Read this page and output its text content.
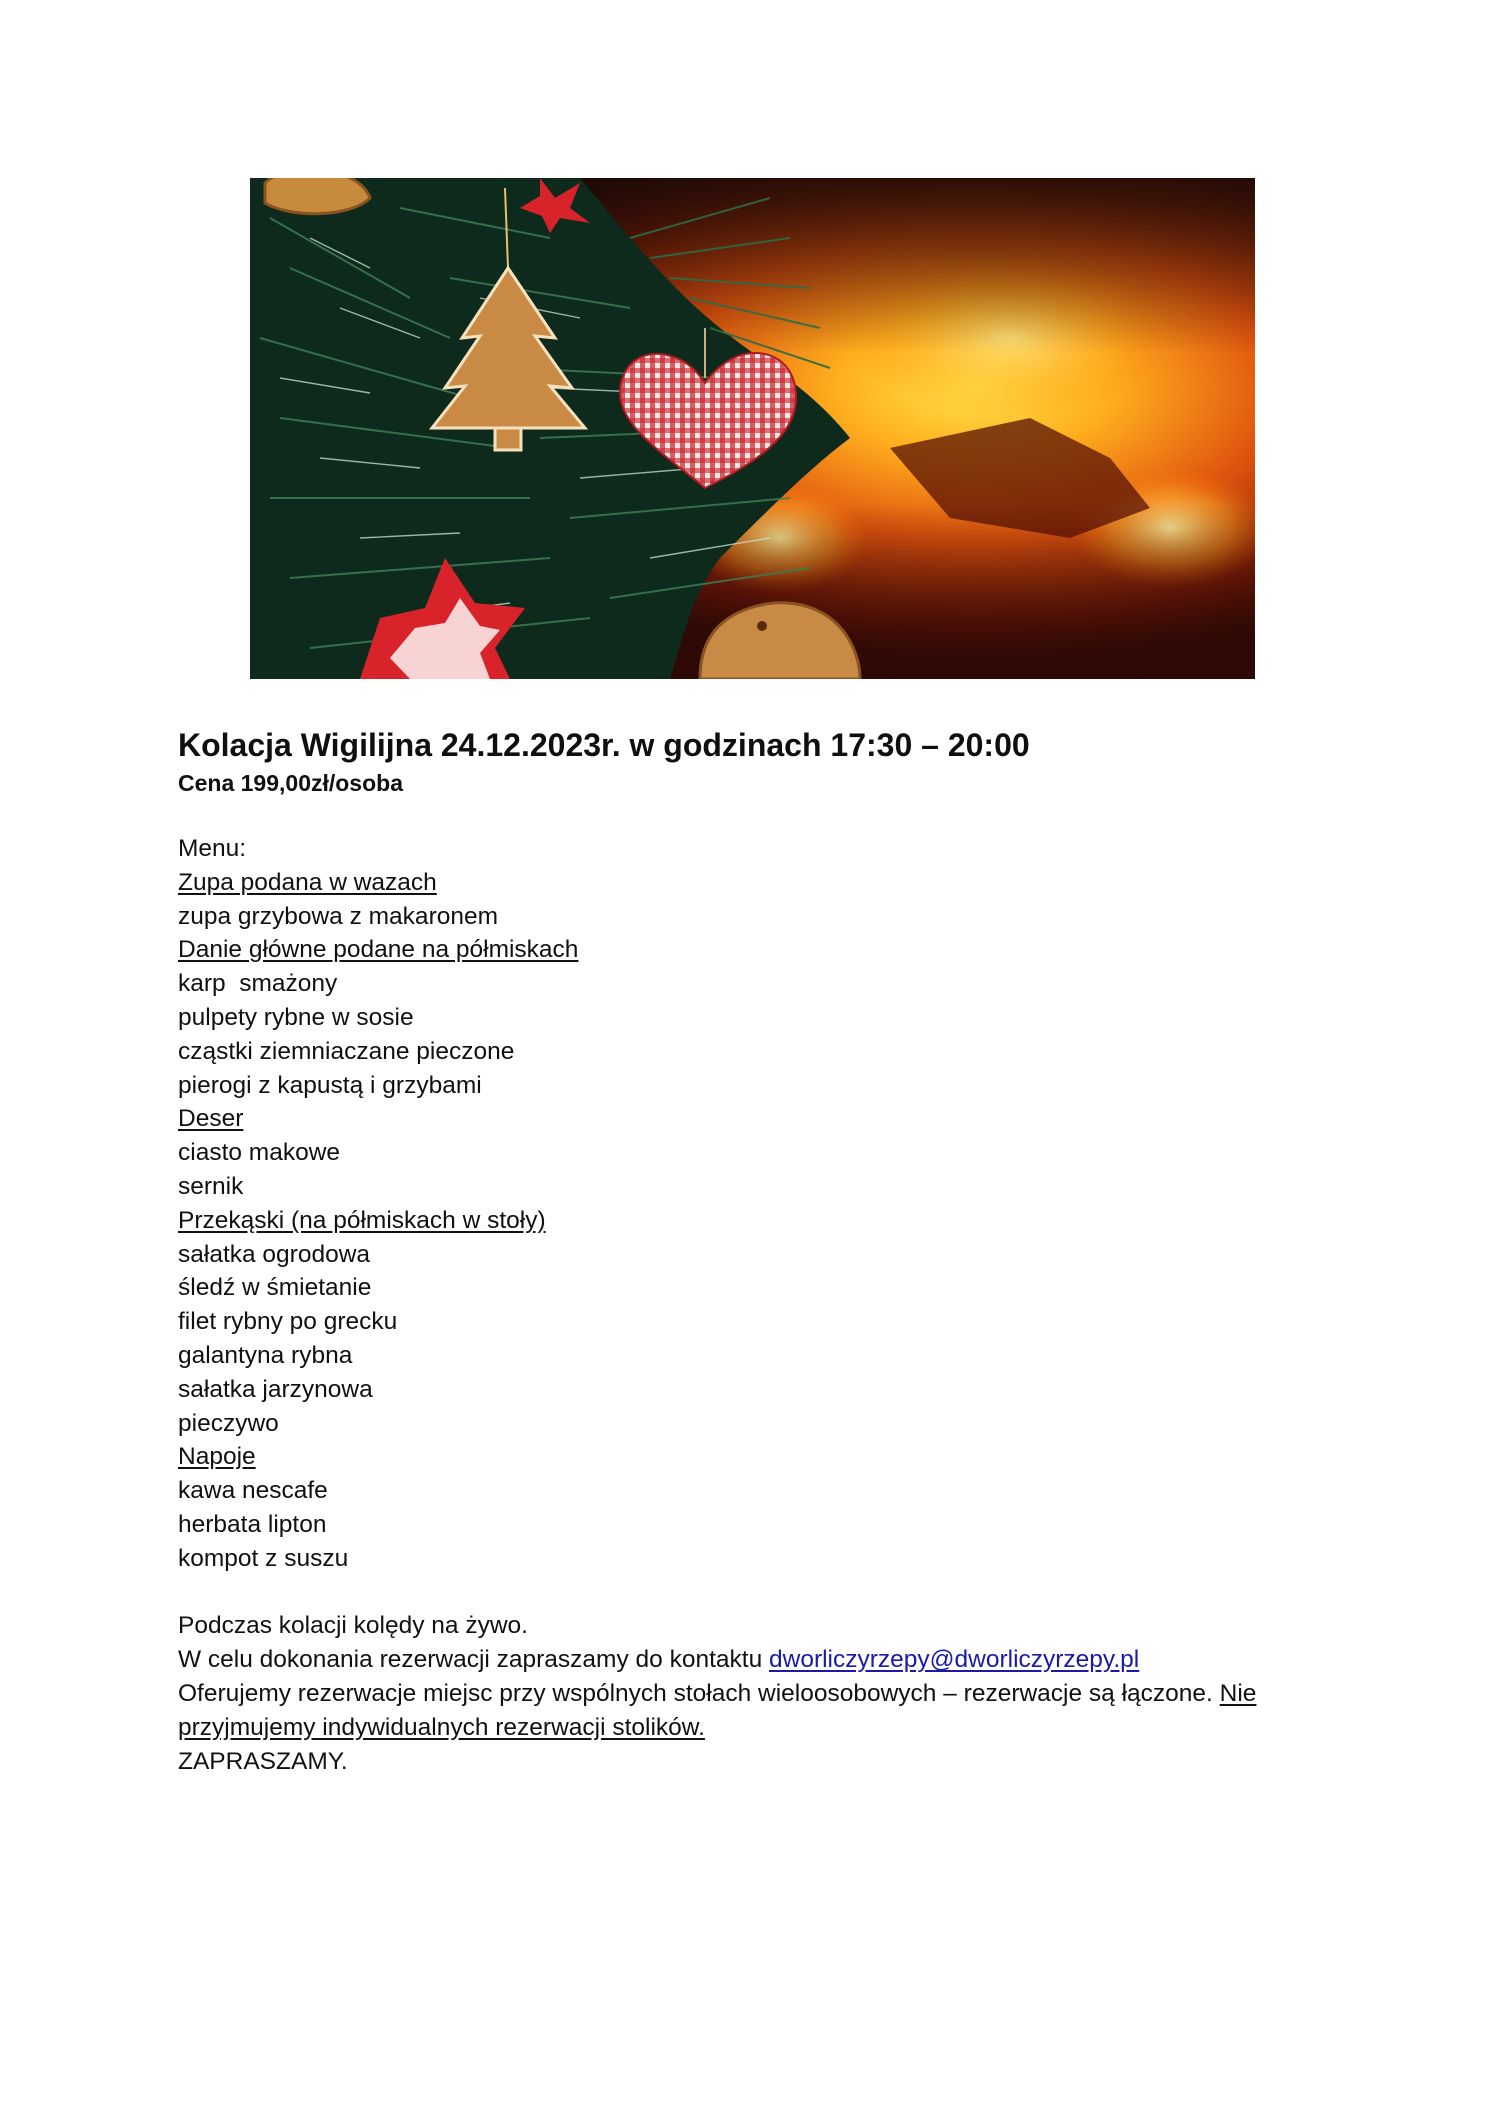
Kolacja Wigilijna 24.12.2023r. w godzinach 17:30 – 20:00

Cena 199,00zł/osoba

Menu:

Zupa podana w wazach

zupa grzybowa z makaronem

Danie główne podane na półmiskach

karp  smażony

pulpety rybne w sosie

cząstki ziemniaczane pieczone

pierogi z kapustą i grzybami

Deser

ciasto makowe

sernik

Przekąski (na półmiskach w stoły)

sałatka ogrodowa

śledź w śmietanie

filet rybny po grecku

galantyna rybna

sałatka jarzynowa

pieczywo

Napoje

kawa nescafe

herbata lipton

kompot z suszu

Podczas kolacji kolędy na żywo.

W celu dokonania rezerwacji zapraszamy do kontaktu dworliczyrzepy@dworliczyrzepy.pl

Oferujemy rezerwacje miejsc przy wspólnych stołach wieloosobowych – rezerwacje są łączone. Nie przyjmujemy indywidualnych rezerwacji stolików.

ZAPRASZAMY.
